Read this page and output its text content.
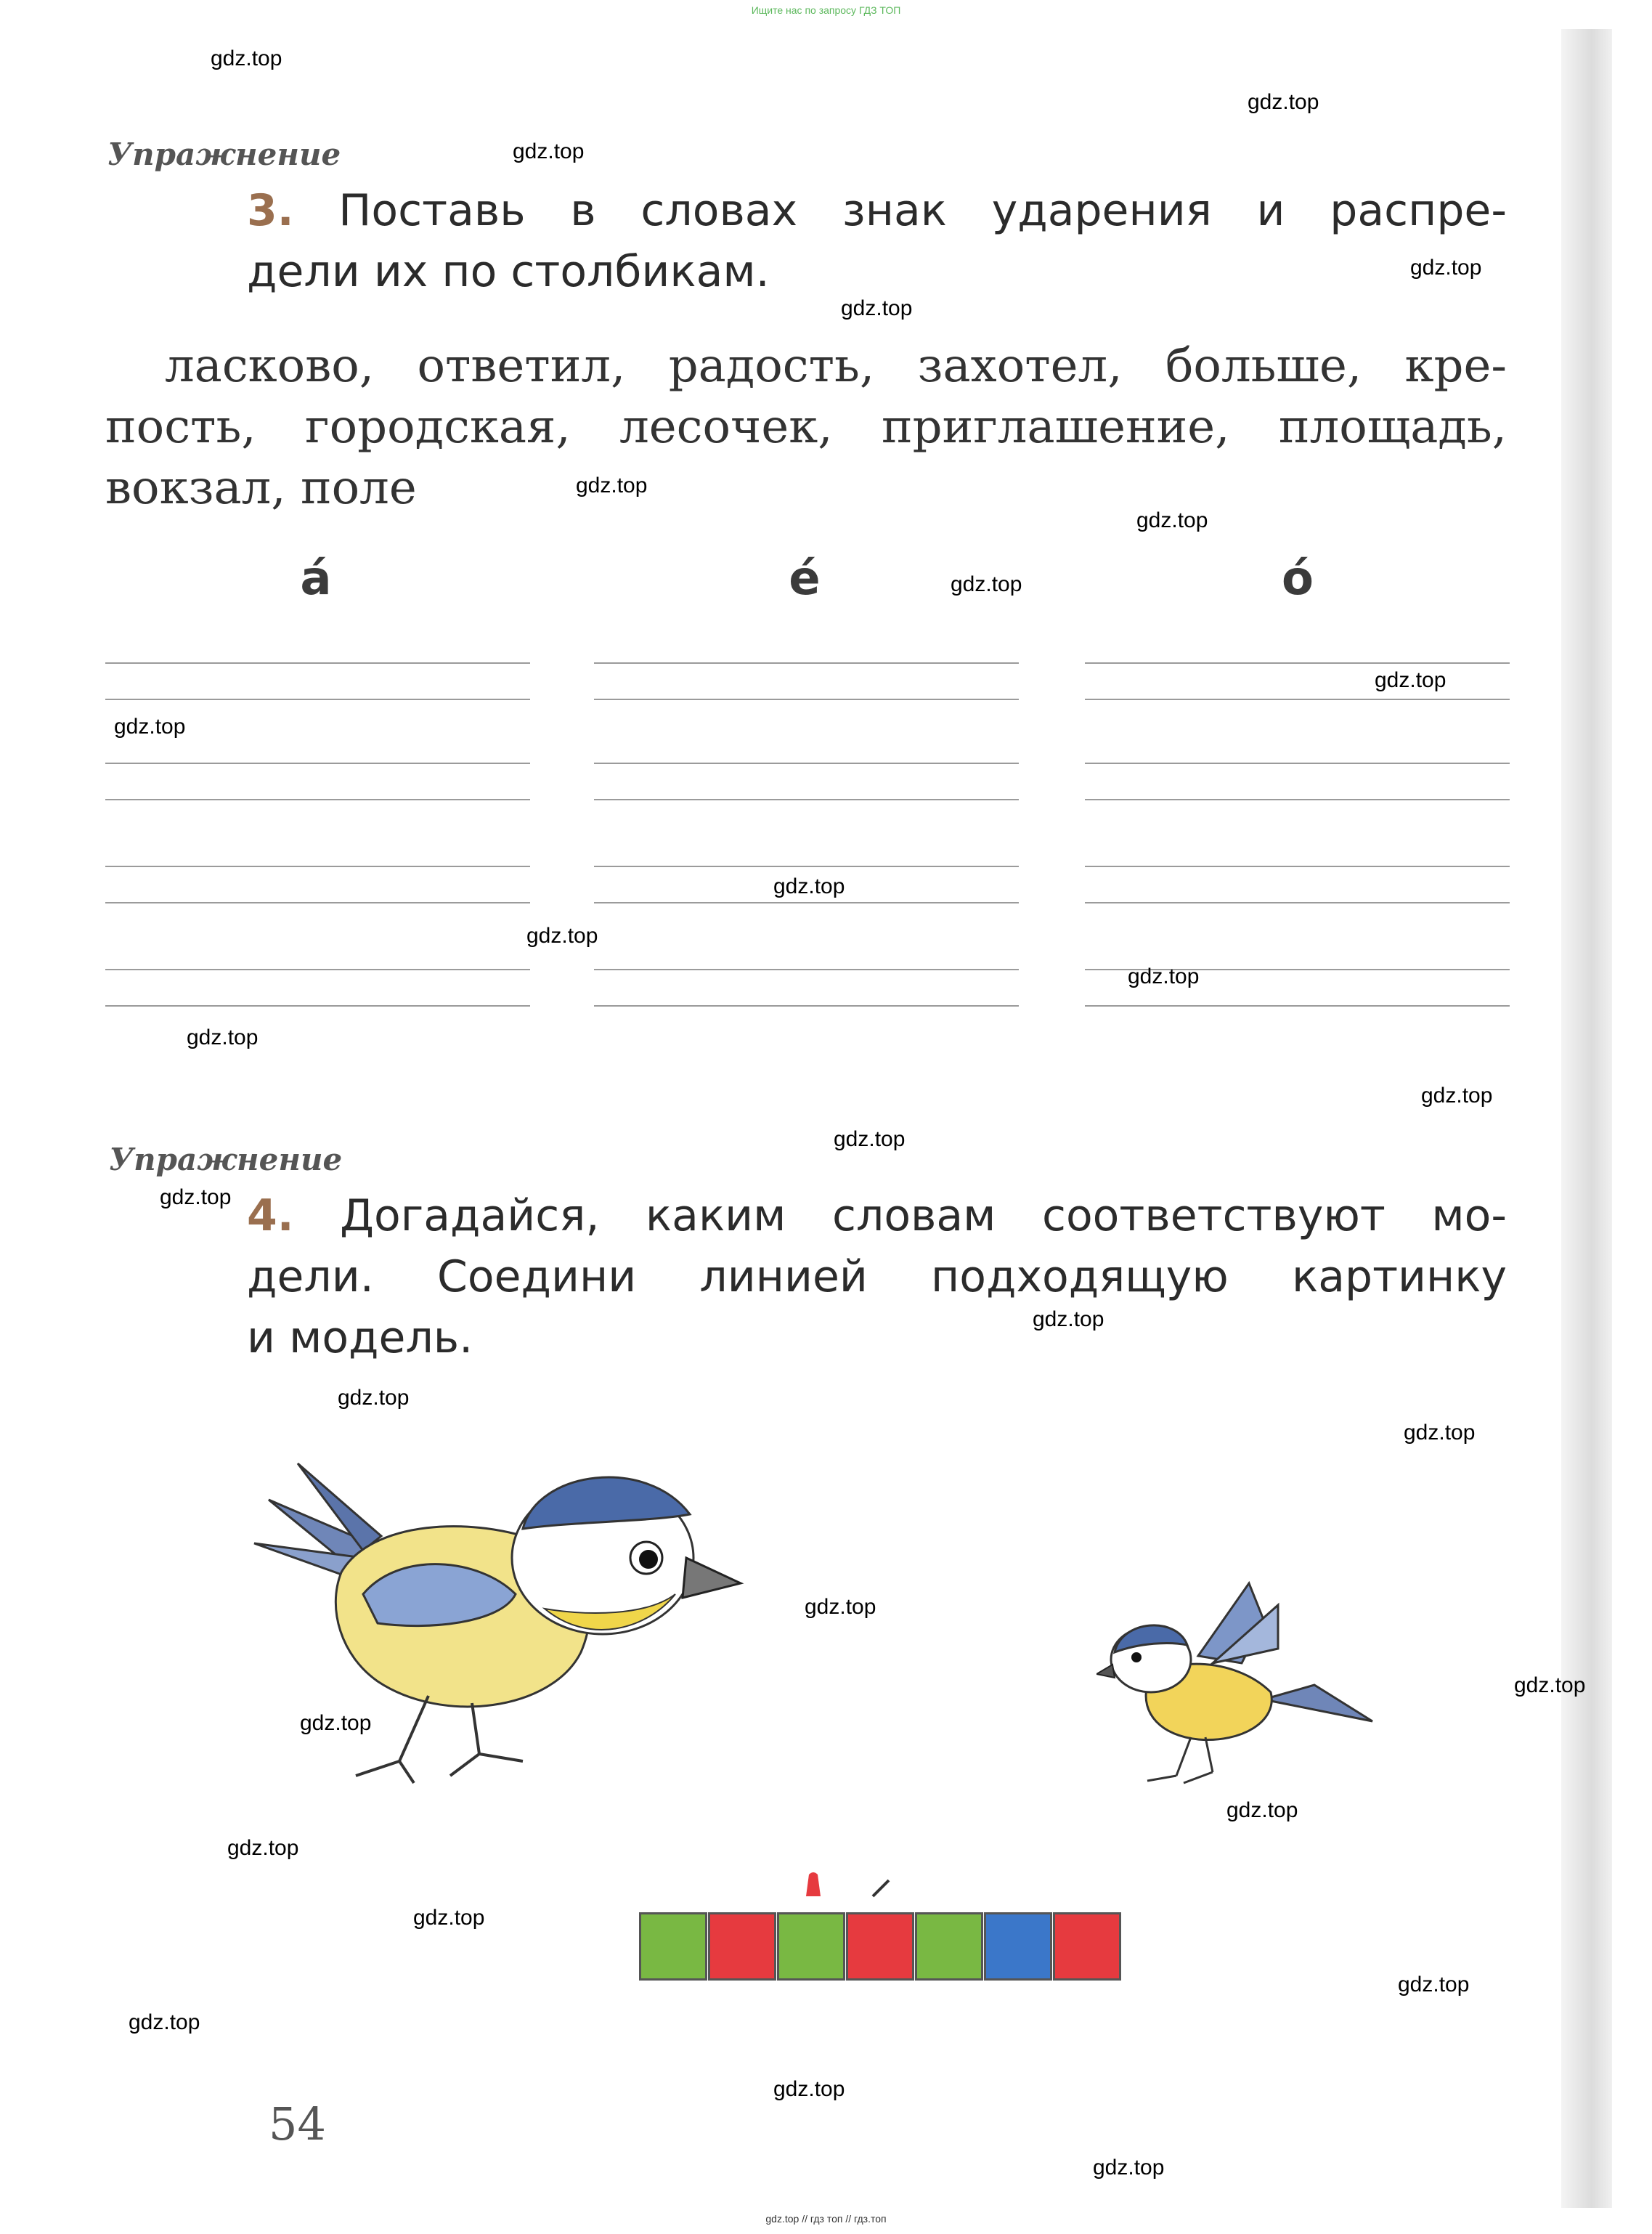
Ищите нас по запросу ГДЗ ТОП
Упражнение
3. Поставь в словах знак ударения и распре-
дели их по столбикам.
ласково, ответил, радость, захотел, больше, кре-
пость, городская, лесочек, приглашение, площадь,
вокзал, поле
á	é	ó
Упражнение
4. Догадайся, каким словам соответствуют мо-
дели. Соедини линией подходящую картинку
и модель.
54
gdz.top
gdz.top
gdz.top
gdz.top
gdz.top
gdz.top
gdz.top
gdz.top
gdz.top
gdz.top
gdz.top
gdz.top
gdz.top
gdz.top
gdz.top
gdz.top
gdz.top
gdz.top
gdz.top
gdz.top
gdz.top
gdz.top
gdz.top
gdz.top
gdz.top
gdz.top
gdz.top
gdz.top
gdz.top
gdz.top
gdz.top // гдз топ // гдз.топ
